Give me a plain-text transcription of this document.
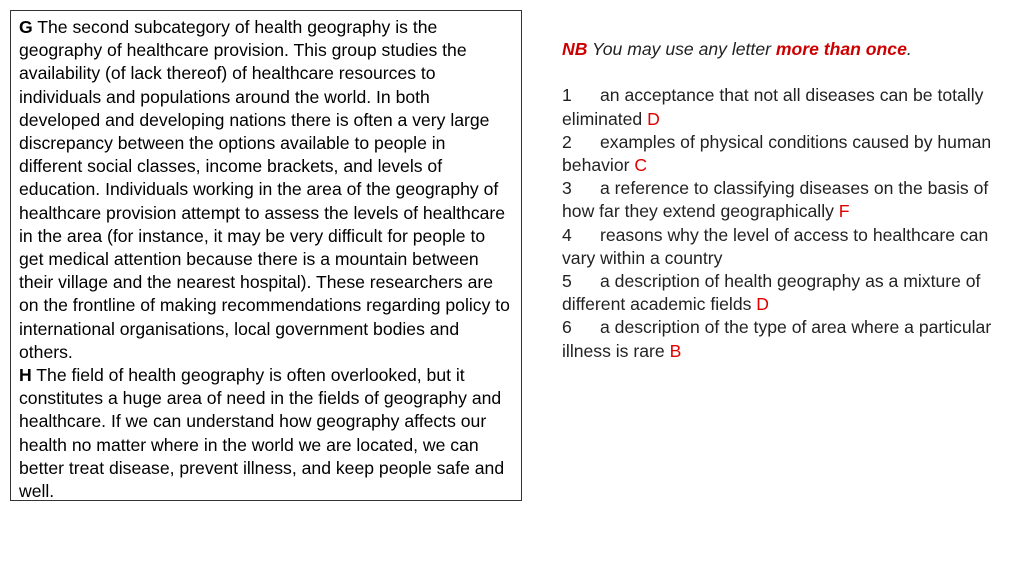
G The second subcategory of health geography is the geography of healthcare provision. This group studies the availability (of lack thereof) of healthcare resources to individuals and populations around the world. In both developed and developing nations there is often a very large discrepancy between the options available to people in different social classes, income brackets, and levels of education. Individuals working in the area of the geography of healthcare provision attempt to assess the levels of healthcare in the area (for instance, it may be very difficult for people to get medical attention because there is a mountain between their village and the nearest hospital). These researchers are on the frontline of making recommendations regarding policy to international organisations, local government bodies and others.

H The field of health geography is often overlooked, but it constitutes a huge area of need in the fields of geography and healthcare. If we can understand how geography affects our health no matter where in the world we are located, we can better treat disease, prevent illness, and keep people safe and well.

NB You may use any letter more than once.

1 an acceptance that not all diseases can be totally eliminated D

2 examples of physical conditions caused by human behavior C

3 a reference to classifying diseases on the basis of how far they extend geographically F

4 reasons why the level of access to healthcare can vary within a country

5 a description of health geography as a mixture of different academic fields D

6 a description of the type of area where a particular illness is rare B
